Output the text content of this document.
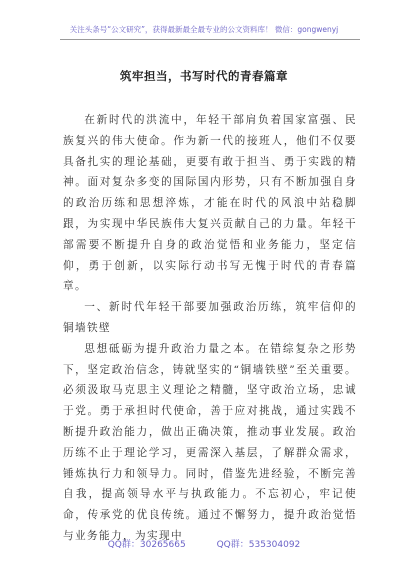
关注头条号“公文研究”，获得最新最全最专业的公文资料库！ 微信：gongwenyj
筑牢担当，书写时代的青春篇章

在新时代的洪流中，年轻干部肩负着国家富强、民族复兴的伟大使命。作为新一代的接班人，他们不仅要具备扎实的理论基础，更要有敢于担当、勇于实践的精神。面对复杂多变的国际国内形势，只有不断加强自身的政治历练和思想淬炼，才能在时代的风浪中站稳脚跟，为实现中华民族伟大复兴贡献自己的力量。年轻干部需要不断提升自身的政治觉悟和业务能力，坚定信仰，勇于创新，以实际行动书写无愧于时代的青春篇章。

一、新时代年轻干部要加强政治历练，筑牢信仰的铜墙铁壁

思想砥砺为提升政治力量之本。在错综复杂之形势下，坚定政治信念，铸就坚实的“铜墙铁壁”至关重要。必须汲取马克思主义理论之精髓，坚守政治立场，忠诚于党。勇于承担时代使命，善于应对挑战，通过实践不断提升政治能力，做出正确决策，推动事业发展。政治历练不止于理论学习，更需深入基层，了解群众需求，锤炼执行力和领导力。同时，借鉴先进经验，不断完善自我，提高领导水平与执政能力。不忘初心，牢记使命，传承党的优良传统。通过不懈努力，提升政治觉悟与业务能力，为实现中

QQ群：30265665	QQ群：535304092
